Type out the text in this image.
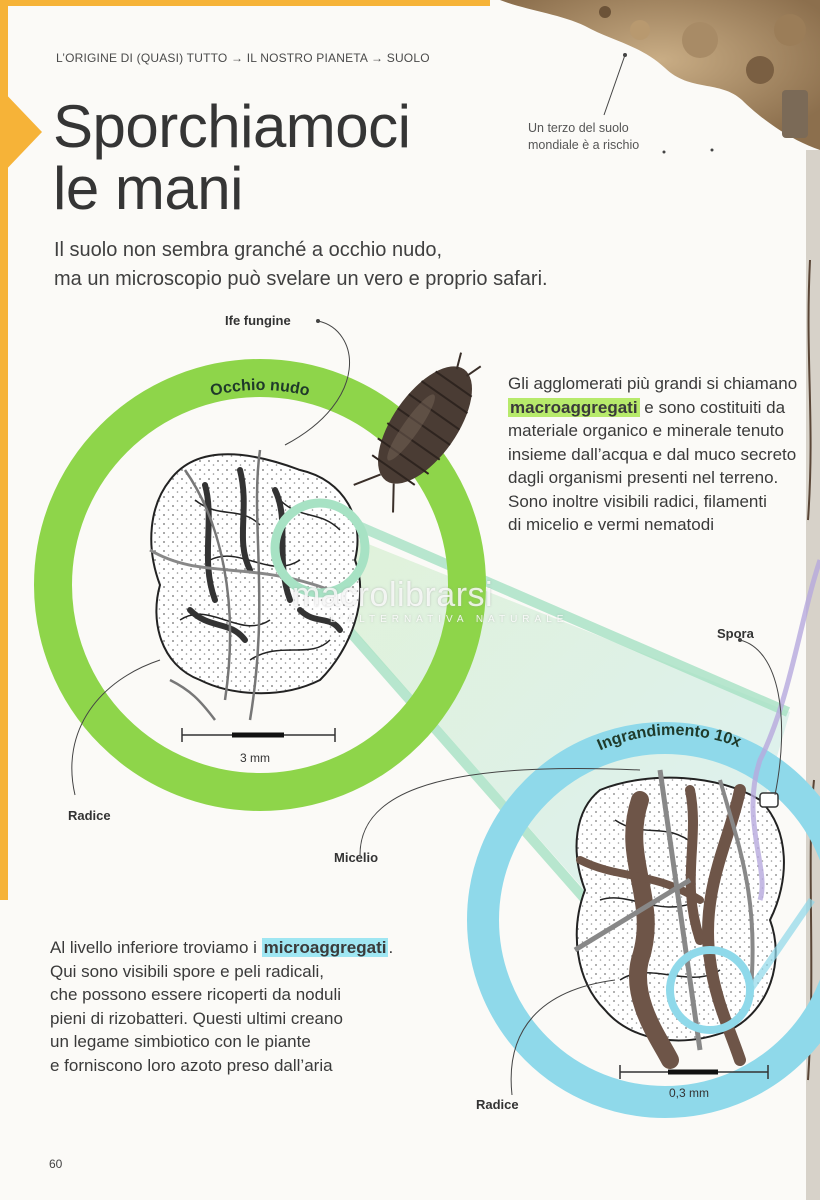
Occhio nudo
Ingrandimento 10x
L’ORIGINE DI (QUASI) TUTTO → IL NOSTRO PIANETA → SUOLO
Sporchiamoci
le mani
Un terzo del suolo
mondiale è a rischio
Il suolo non sembra granché a occhio nudo,
ma un microscopio può svelare un vero e proprio safari.
Gli agglomerati più grandi si chiamano
macroaggregati e sono costituiti da
materiale organico e minerale tenuto
insieme dall’acqua e dal muco secreto
dagli organismi presenti nel terreno.
Sono inoltre visibili radici, filamenti
di micelio e vermi nematodi
Al livello inferiore troviamo i microaggregati .
Qui sono visibili spore e peli radicali,
che possono essere ricoperti da noduli
pieni di rizobatteri. Questi ultimi creano
un legame simbiotico con le piante
e forniscono loro azoto preso dall’aria
Ife fungine
Radice
Micelio
Spora
Radice
3 mm
0,3 mm
macrolibrarsi
L'ALTERNATIVA NATURALE
60
